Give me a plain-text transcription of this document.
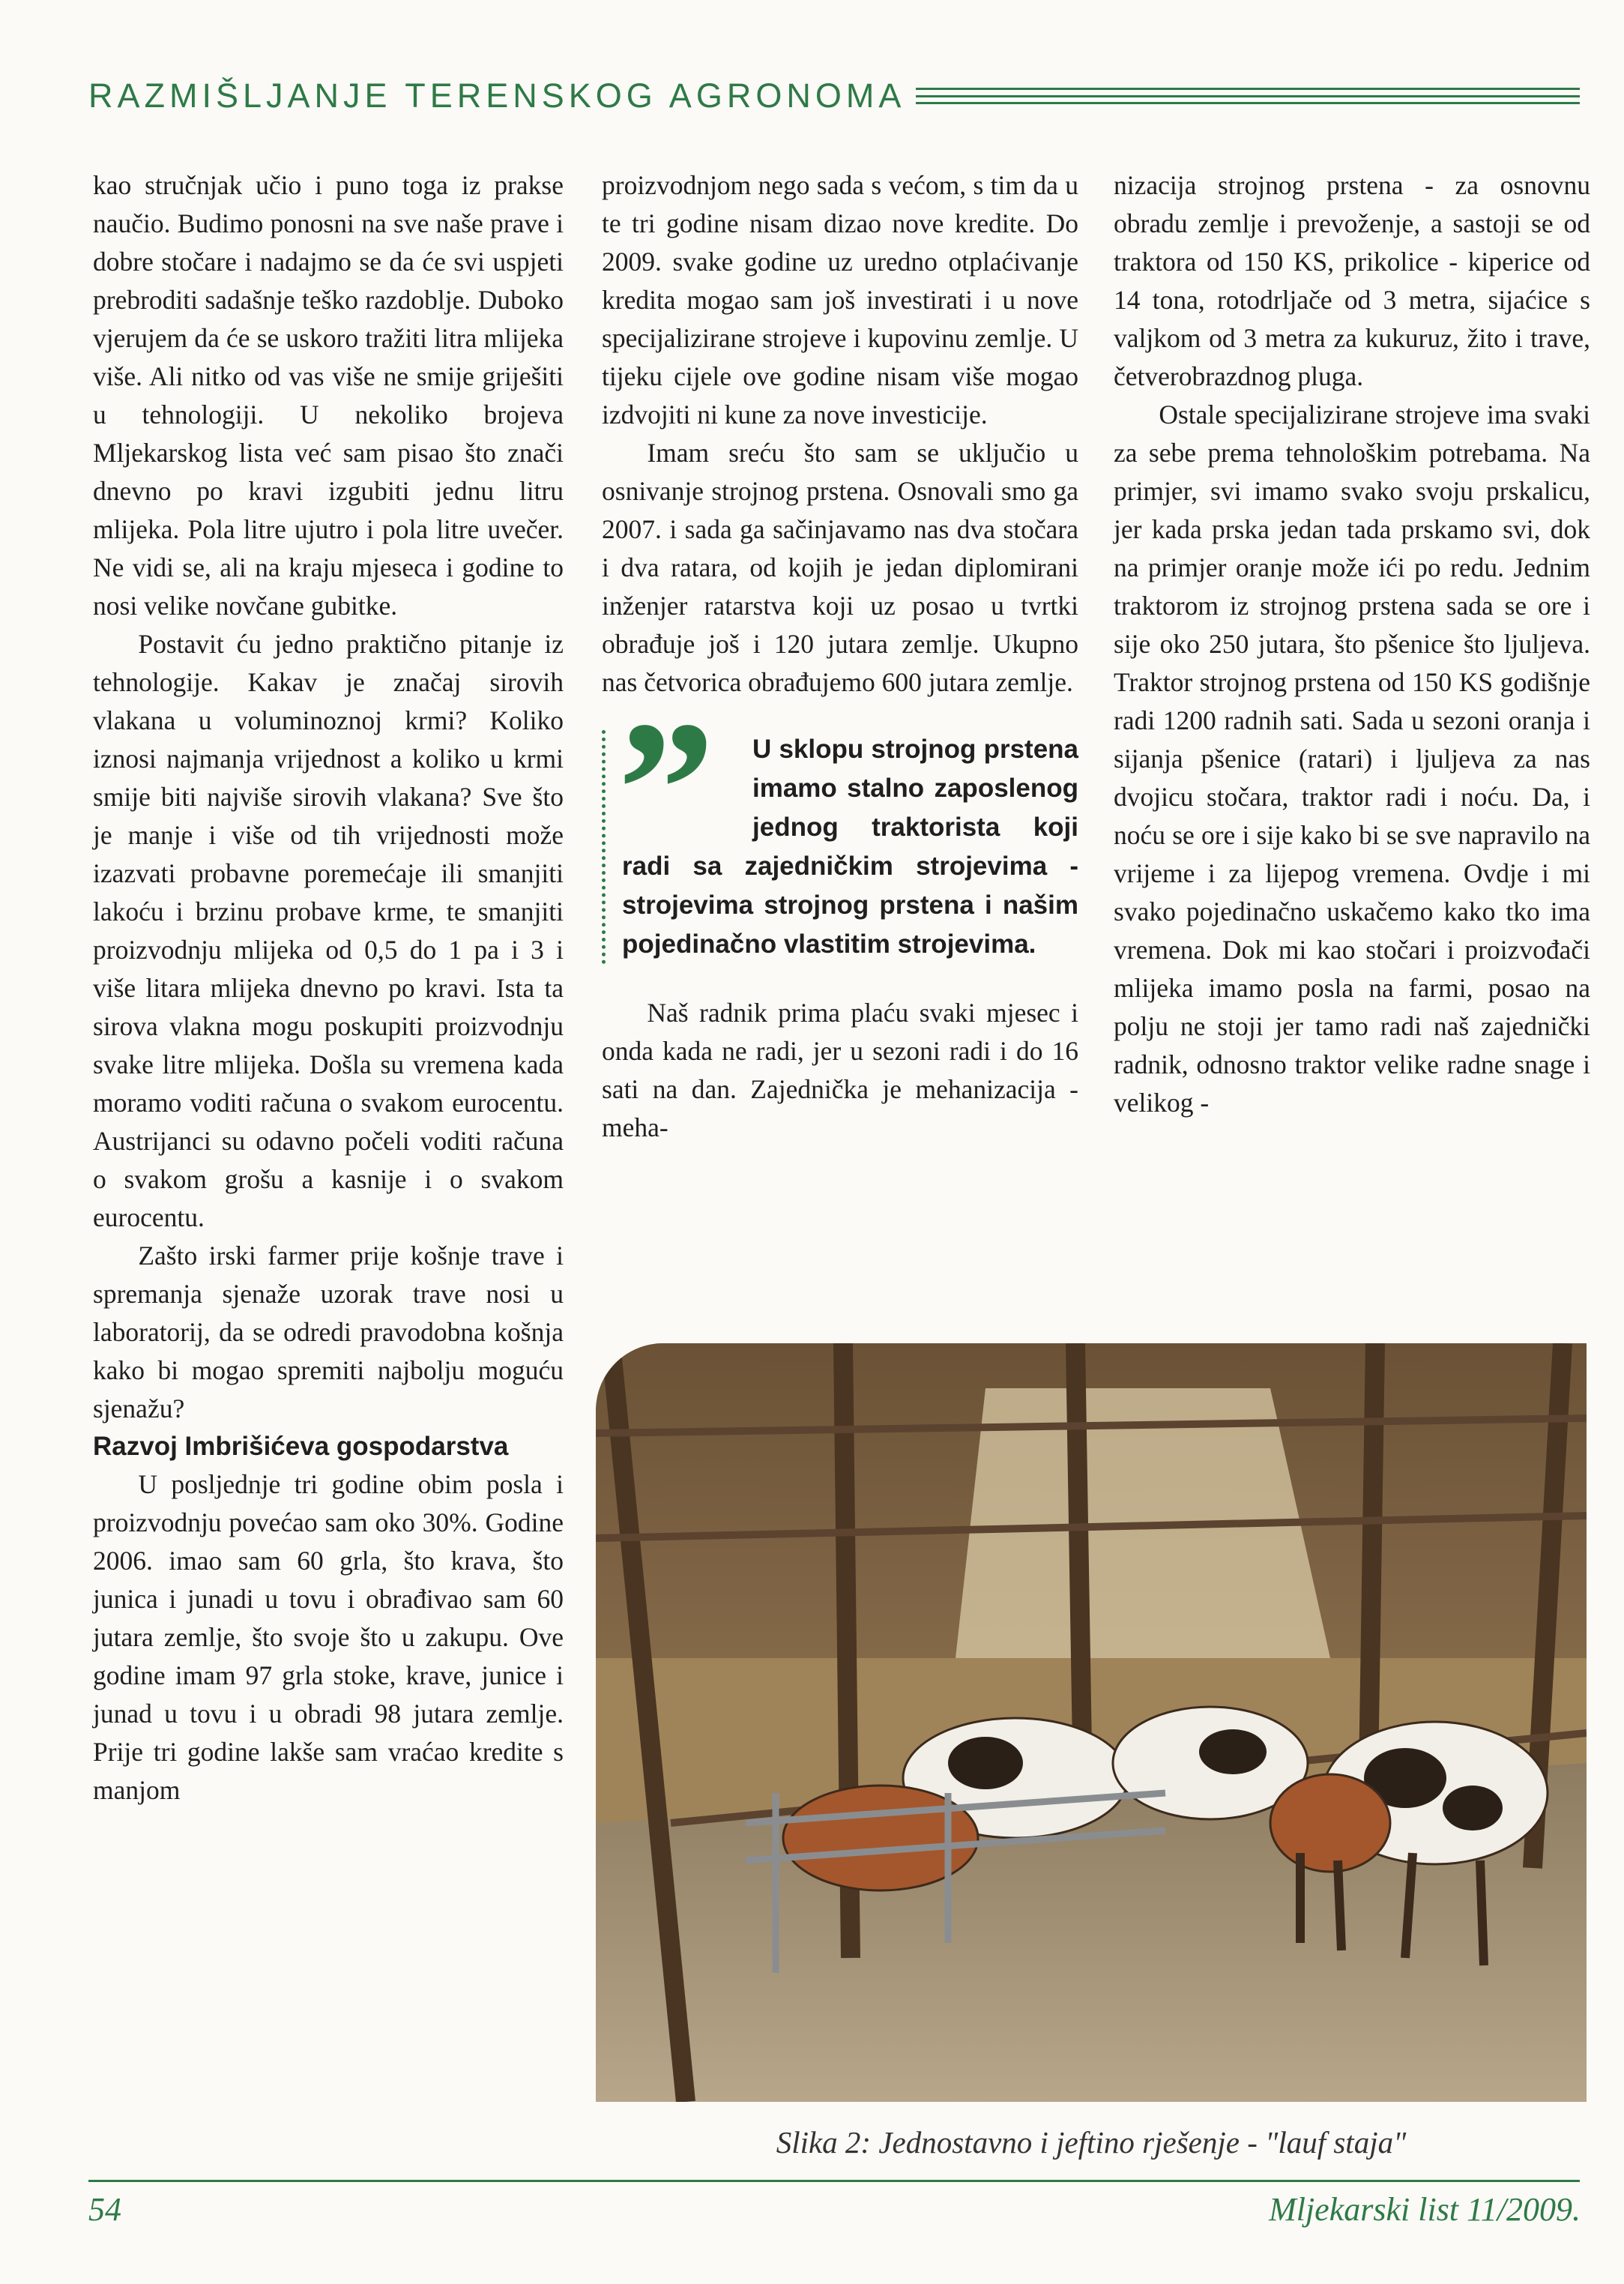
RAZMIŠLJANJE TERENSKOG AGRONOMA

kao stručnjak učio i puno toga iz prakse naučio. Budimo ponosni na sve naše prave i dobre stočare i nadajmo se da će svi uspjeti prebroditi sadašnje teško razdoblje. Duboko vjerujem da će se uskoro tražiti litra mlijeka više. Ali nitko od vas više ne smije griješiti u tehnologiji. U nekoliko brojeva Mljekarskog lista već sam pisao što znači dnevno po kravi izgubiti jednu litru mlijeka. Pola litre ujutro i pola litre uvečer. Ne vidi se, ali na kraju mjeseca i godine to nosi velike novčane gubitke.

Postavit ću jedno praktično pitanje iz tehnologije. Kakav je značaj sirovih vlakana u voluminoznoj krmi? Koliko iznosi najmanja vrijednost a koliko u krmi smije biti najviše sirovih vlakana? Sve što je manje i više od tih vrijednosti može izazvati probavne poremećaje ili smanjiti lakoću i brzinu probave krme, te smanjiti proizvodnju mlijeka od 0,5 do 1 pa i 3 i više litara mlijeka dnevno po kravi. Ista ta sirova vlakna mogu poskupiti proizvodnju svake litre mlijeka. Došla su vremena kada moramo voditi računa o svakom eurocentu. Austrijanci su odavno počeli voditi računa o svakom grošu a kasnije i o svakom eurocentu.

Zašto irski farmer prije košnje trave i spremanja sjenaže uzorak trave nosi u laboratorij, da se odredi pravodobna košnja kako bi mogao spremiti najbolju moguću sjenažu?

Razvoj Imbrišićeva gospodarstva

U posljednje tri godine obim posla i proizvodnju povećao sam oko 30%. Godine 2006. imao sam 60 grla, što krava, što junica i junadi u tovu i obrađivao sam 60 jutara zemlje, što svoje što u zakupu. Ove godine imam 97 grla stoke, krave, junice i junad u tovu i u obradi 98 jutara zemlje. Prije tri godine lakše sam vraćao kredite s manjom

proizvodnjom nego sada s većom, s tim da u te tri godine nisam dizao nove kredite. Do 2009. svake godine uz uredno otplaćivanje kredita mogao sam još investirati i u nove specijalizirane strojeve i kupovinu zemlje. U tijeku cijele ove godine nisam više mogao izdvojiti ni kune za nove investicije.

Imam sreću što sam se uključio u osnivanje strojnog prstena. Osnovali smo ga 2007. i sada ga sačinjavamo nas dva stočara i dva ratara, od kojih je jedan diplomirani inženjer ratarstva koji uz posao u tvrtki obrađuje još i 120 jutara zemlje. Ukupno nas četvorica obrađujemo 600 jutara zemlje.

”	U sklopu strojnog prstena imamo stalno zaposlenog jednog traktorista koji radi sa zajedničkim strojevima - strojevima strojnog prstena i našim pojedinačno vlastitim strojevima.

Naš radnik prima plaću svaki mjesec i onda kada ne radi, jer u sezoni radi i do 16 sati na dan. Zajednička je mehanizacija - meha-

nizacija strojnog prstena - za osnovnu obradu zemlje i prevoženje, a sastoji se od traktora od 150 KS, prikolice - kiperice od 14 tona, rotodrljače od 3 metra, sijaćice s valjkom od 3 metra za kukuruz, žito i trave, četverobrazdnog pluga.

Ostale specijalizirane strojeve ima svaki za sebe prema tehnološkim potrebama. Na primjer, svi imamo svako svoju prskalicu, jer kada prska jedan tada prskamo svi, dok na primjer oranje može ići po redu. Jednim traktorom iz strojnog prstena sada se ore i sije oko 250 jutara, što pšenice što ljuljeva. Traktor strojnog prstena od 150 KS godišnje radi 1200 radnih sati. Sada u sezoni oranja i sijanja pšenice (ratari) i ljuljeva za nas dvojicu stočara, traktor radi i noću. Da, i noću se ore i sije kako bi se sve napravilo na vrijeme i za lijepog vremena. Ovdje i mi svako pojedinačno uskačemo kako tko ima vremena. Dok mi kao stočari i proizvođači mlijeka imamo posla na farmi, posao na polju ne stoji jer tamo radi naš zajednički radnik, odnosno traktor velike radne snage i velikog -

Slika 2: Jednostavno i jeftino rješenje - "lauf staja"
54	Mljekarski list 11/2009.
